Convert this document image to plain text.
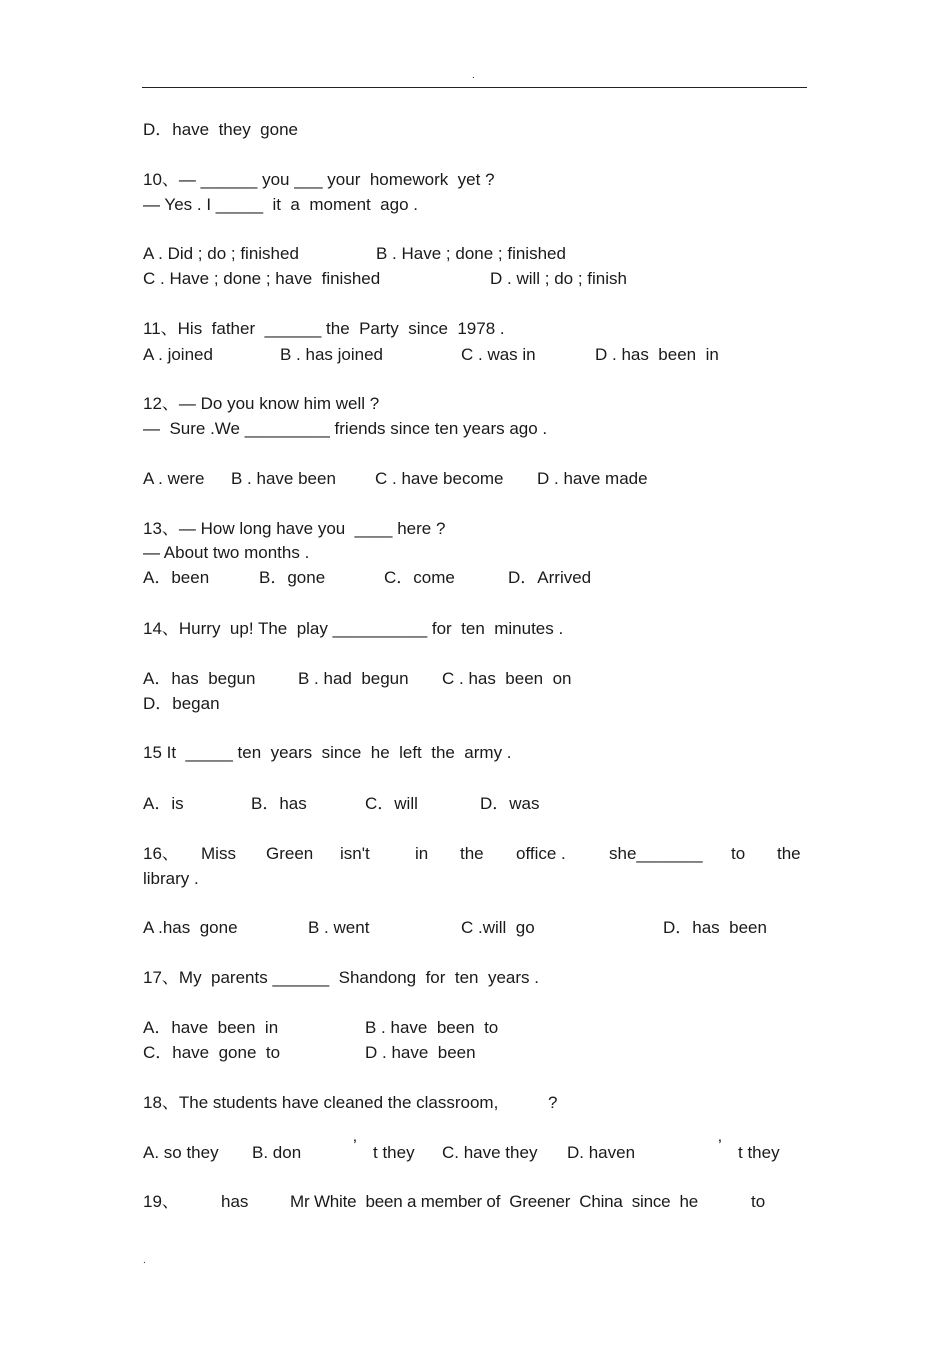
.
D．have  they  gone
10、— ______ you ___ your  homework  yet ?
— Yes . I _____  it  a  moment  ago .
A . Did ; do ; finished	B . Have ; done ; finished
C . Have ; done ; have  finished	D . will ; do ; finish
11、His  father  ______ the  Party  since  1978 .
A . joined	B . has joined	C . was in	D . has  been  in
12、— Do you know him well ?
—  Sure .We _________ friends since ten years ago .
A . were B . have been C . have become D . have made
13、— How long have you  ____ here ?
— About two months .
A．been	B．gone	C．come	D．Arrived
14、Hurry  up! The  play __________ for  ten  minutes .
A．has  begun	B . had  begun C . has  been  on
D．began
15 It  _____ ten  years  since  he  left  the  army .
A．is	B．has	C．will	D．was
16、 Miss Green isn't	in the office .	she_______ to the
library .
A .has  gone	B . went	C .will  go	D．has  been
17、My  parents ______  Shandong  for  ten  years .
A．have  been  in	B . have  been  to
C．have  gone  to	D . have  been
18、The students have cleaned the classroom,	?
A. so they B. don	’ t they C. have they D. haven	’ t they
19、 has Mr White  been a member of  Greener  China  since  he	to
.
